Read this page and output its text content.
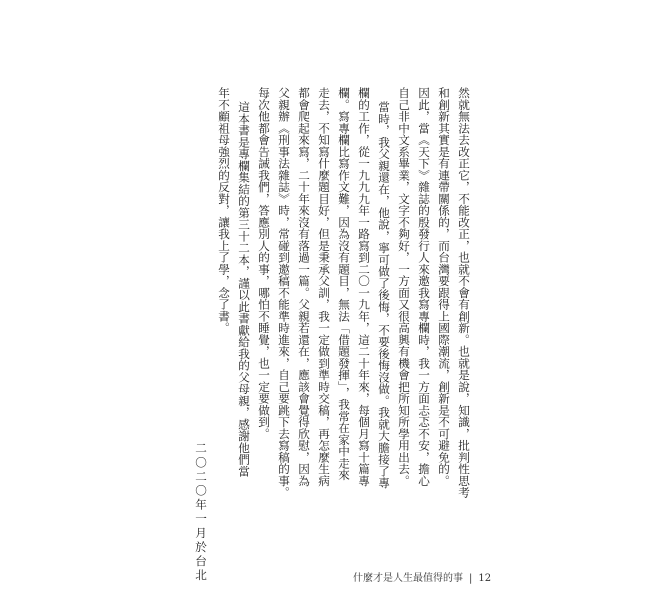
然就無法去改正它，不能改正，也就不會有創新。也就是說，知識，批判性思考
和創新其實是有連帶關係的，而台灣要跟得上國際潮流，創新是不可避免的。
因此，當《天下》雜誌的殷發行人來邀我寫專欄時，我一方面忐忑不安，擔心
自己非中文系畢業，文字不夠好，一方面又很高興有機會把所知所學用出去。
當時，我父親還在，他說，寧可做了後悔，不要後悔沒做。我就大膽接了專
欄的工作，從一九九九年一路寫到二〇一九年，這二十年來，每個月寫十篇專
欄。寫專欄比寫作文難，因為沒有題目，無法「借題發揮」，我常在家中走來
走去，不知寫什麼題目好，但是秉承父訓，我一定做到準時交稿，再怎麼生病
都會爬起來寫，二十年來沒有落過一篇。父親若還在，應該會覺得欣慰，因為
父親辦《刑事法雜誌》時，常碰到邀稿不能準時進來，自己要跳下去寫稿的事。
每次他都會告誡我們，答應別人的事，哪怕不睡覺，也一定要做到。
這本書是專欄集結的第三十二本，謹以此書獻給我的父母親，感謝他們當
年不顧祖母強烈的反對，讓我上了學，念了書。
二〇二〇年一月於台北	什麼才是人生最值得的事 | 12
